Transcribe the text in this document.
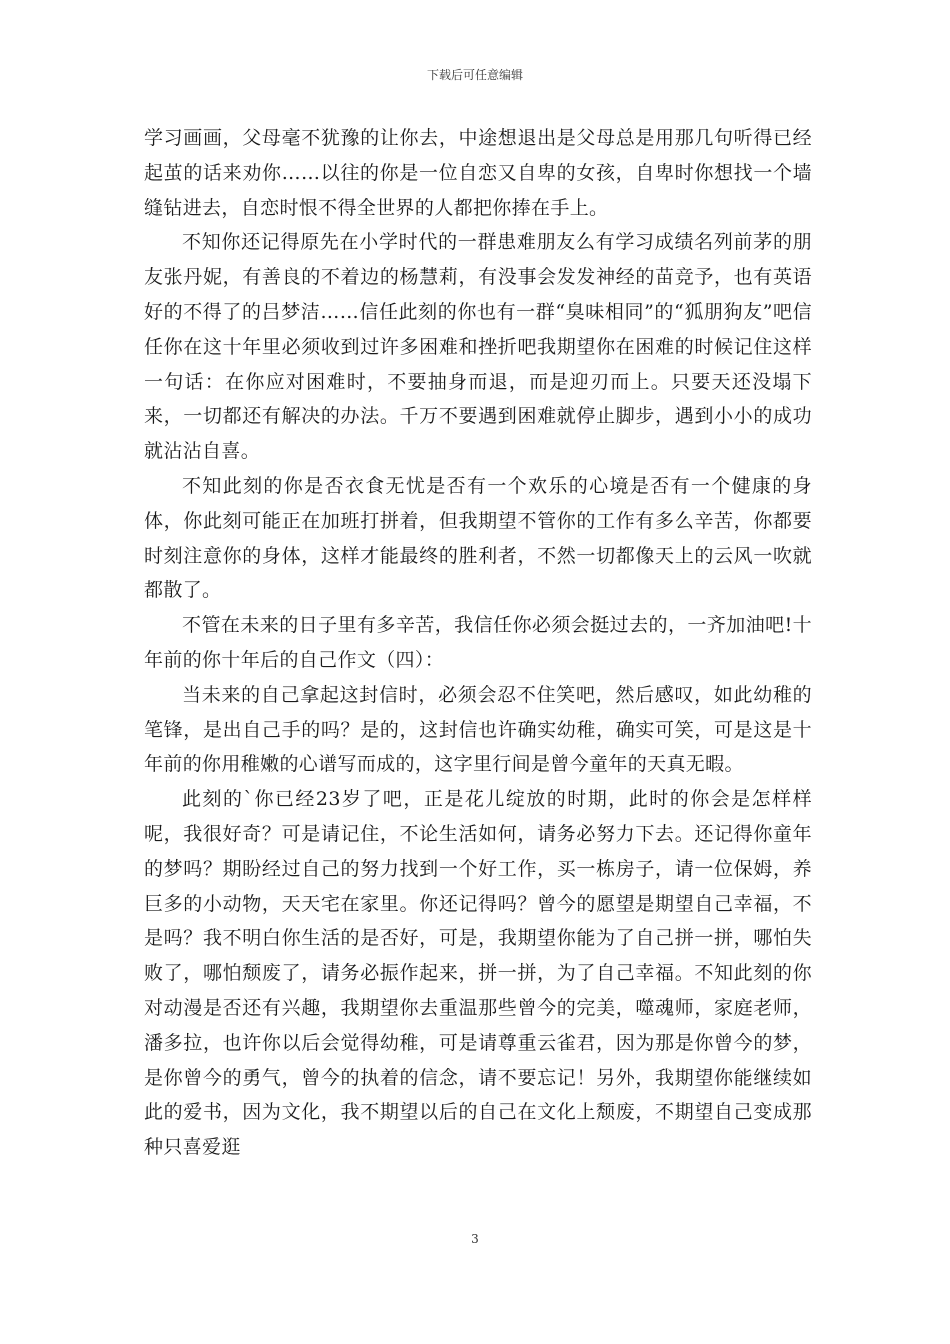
下载后可任意编辑

学习画画，父母毫不犹豫的让你去，中途想退出是父母总是用那几句听得已经起茧的话来劝你……以往的你是一位自恋又自卑的女孩，自卑时你想找一个墙缝钻进去，自恋时恨不得全世界的人都把你捧在手上。

不知你还记得原先在小学时代的一群患难朋友么有学习成绩名列前茅的朋友张丹妮，有善良的不着边的杨慧莉，有没事会发发神经的苗竞予，也有英语好的不得了的吕梦洁……信任此刻的你也有一群“臭味相同”的“狐朋狗友”吧信任你在这十年里必须收到过许多困难和挫折吧我期望你在困难的时候记住这样一句话：在你应对困难时，不要抽身而退，而是迎刃而上。只要天还没塌下来，一切都还有解决的办法。千万不要遇到困难就停止脚步，遇到小小的成功就沾沾自喜。

不知此刻的你是否衣食无忧是否有一个欢乐的心境是否有一个健康的身体，你此刻可能正在加班打拼着，但我期望不管你的工作有多么辛苦，你都要时刻注意你的身体，这样才能最终的胜利者，不然一切都像天上的云风一吹就都散了。

不管在未来的日子里有多辛苦，我信任你必须会挺过去的，一齐加油吧!十年前的你十年后的自己作文（四）：

当未来的自己拿起这封信时，必须会忍不住笑吧，然后感叹，如此幼稚的笔锋，是出自己手的吗？是的，这封信也许确实幼稚，确实可笑，可是这是十年前的你用稚嫩的心谱写而成的，这字里行间是曾今童年的天真无暇。

此刻的`你已经23岁了吧，正是花儿绽放的时期，此时的你会是怎样样呢，我很好奇？可是请记住，不论生活如何，请务必努力下去。还记得你童年的梦吗？期盼经过自己的努力找到一个好工作，买一栋房子，请一位保姆，养巨多的小动物，天天宅在家里。你还记得吗？曾今的愿望是期望自己幸福，不是吗？我不明白你生活的是否好，可是，我期望你能为了自己拼一拼，哪怕失败了，哪怕颓废了，请务必振作起来，拼一拼，为了自己幸福。不知此刻的你对动漫是否还有兴趣，我期望你去重温那些曾今的完美，噬魂师，家庭老师，潘多拉，也许你以后会觉得幼稚，可是请尊重云雀君，因为那是你曾今的梦，是你曾今的勇气，曾今的执着的信念，请不要忘记！另外，我期望你能继续如此的爱书，因为文化，我不期望以后的自己在文化上颓废，不期望自己变成那种只喜爱逛

3
